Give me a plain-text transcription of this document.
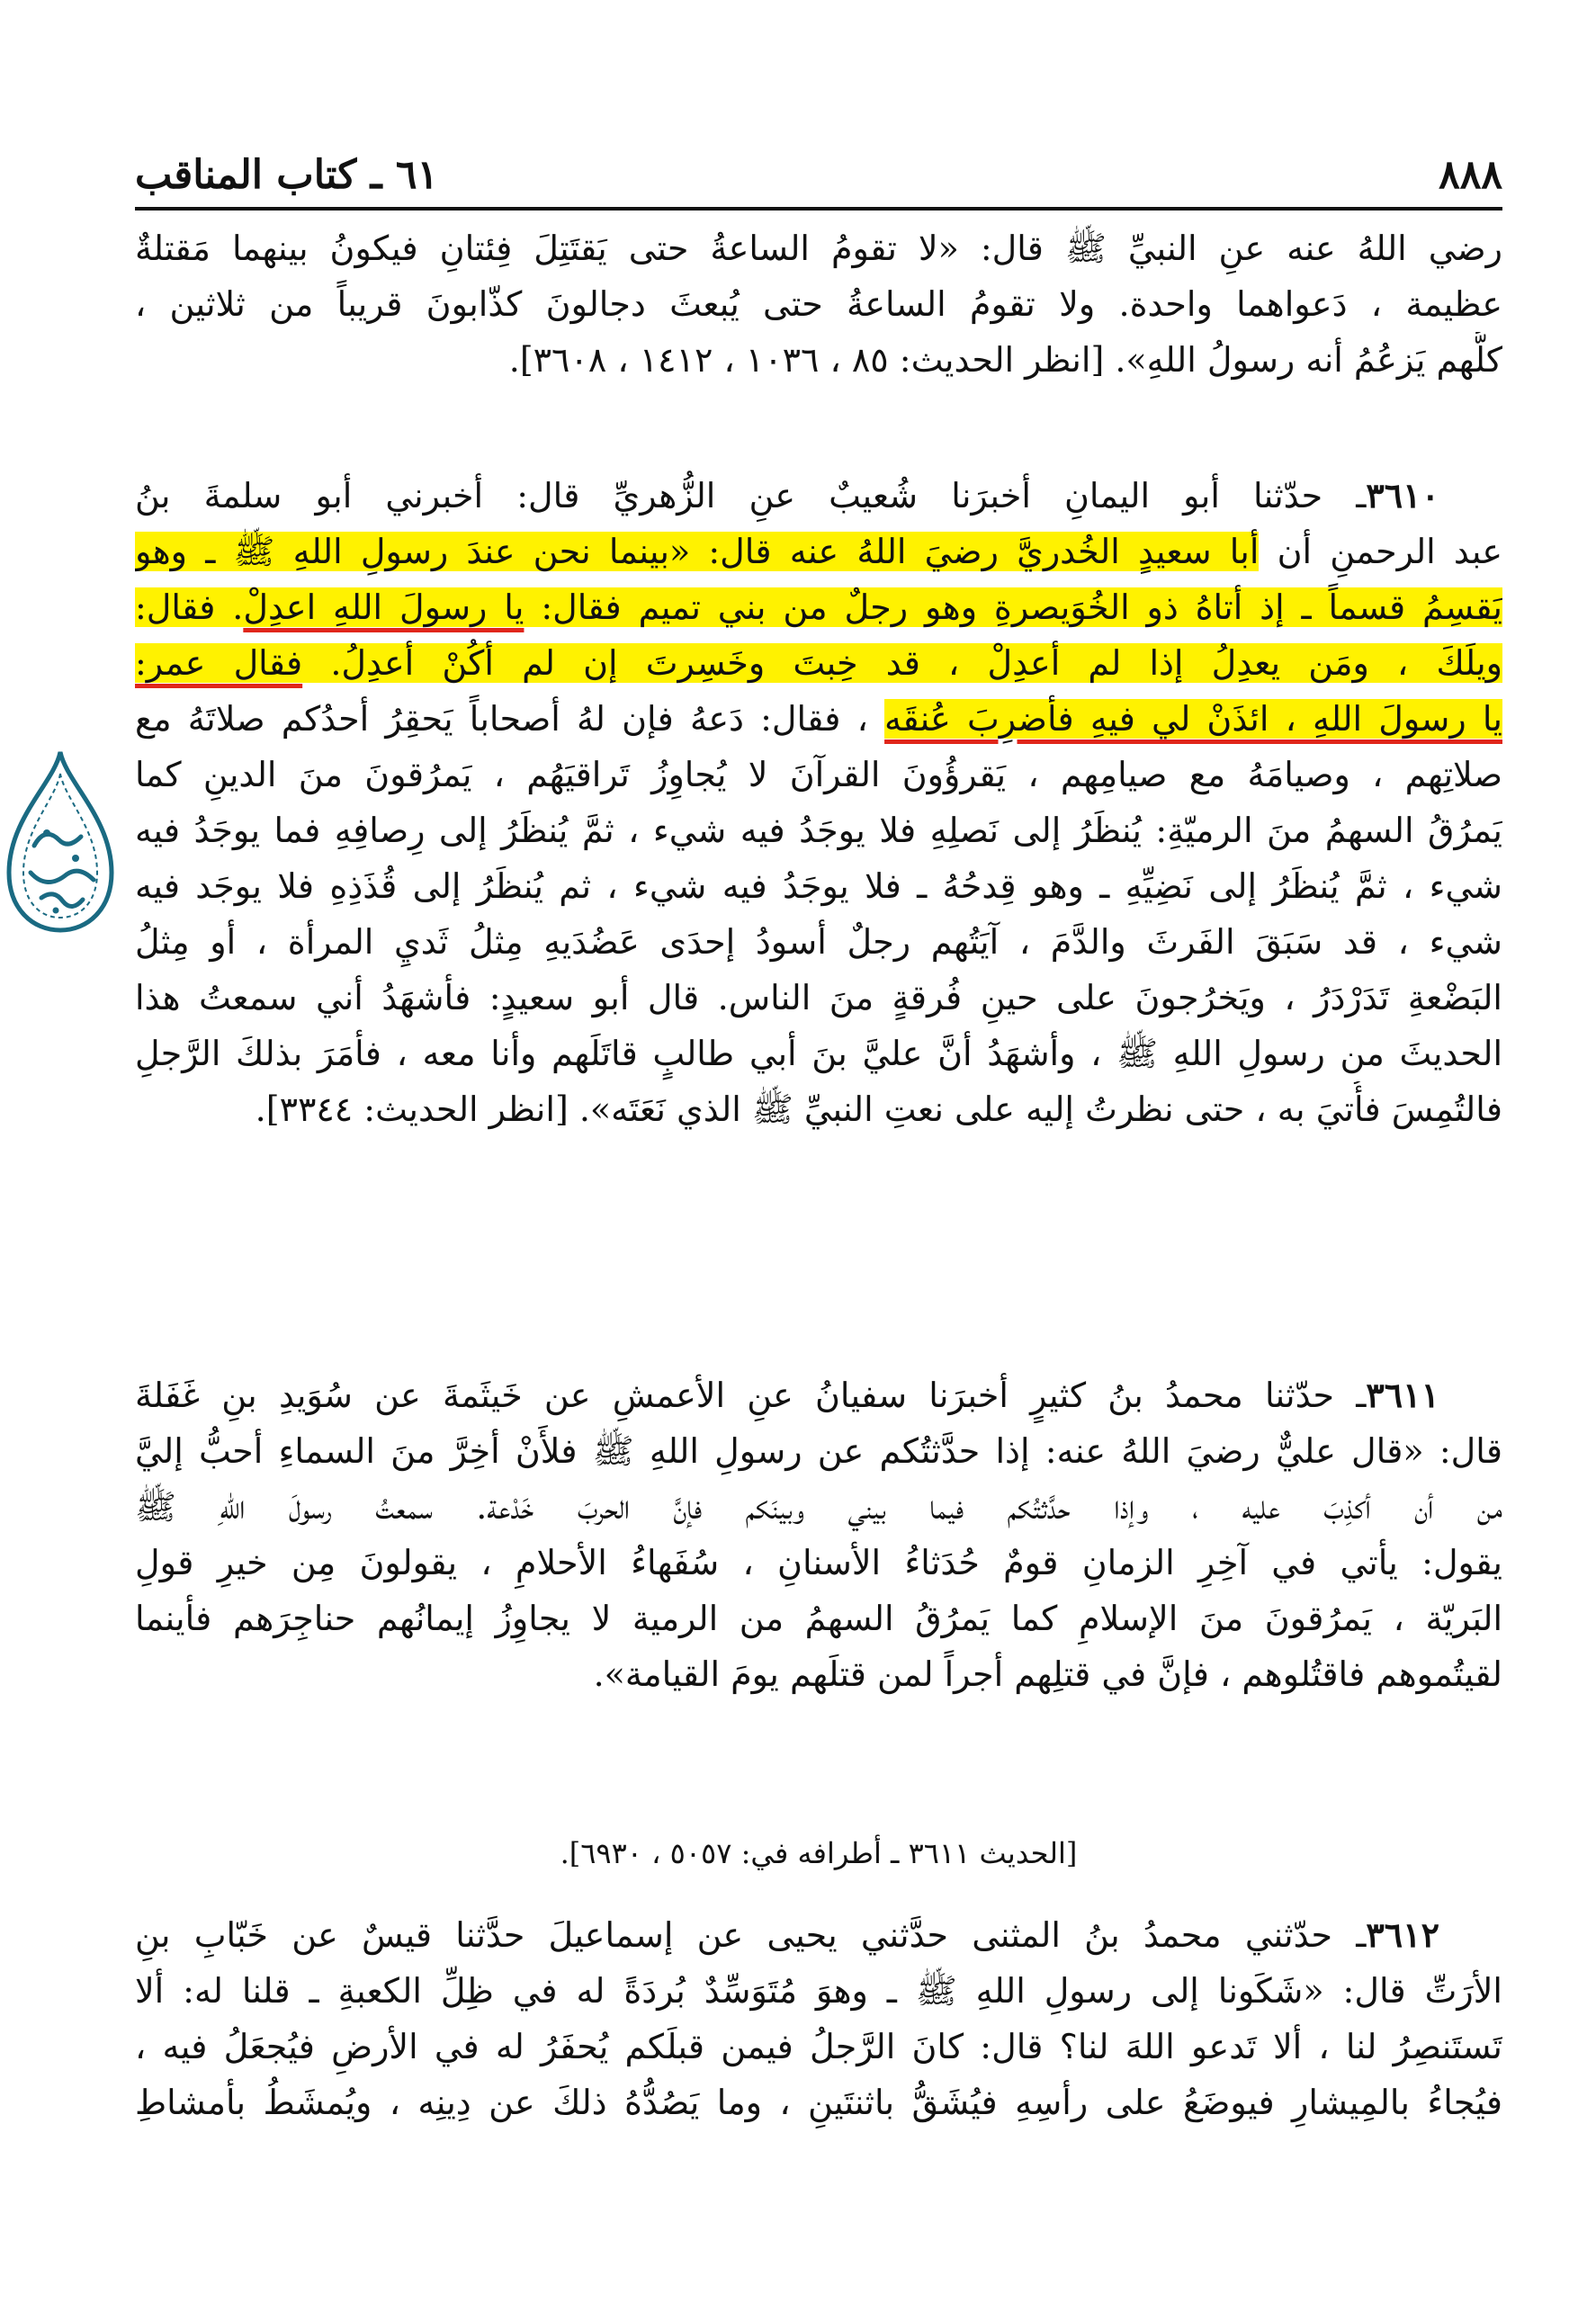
٨٨٨
٦١ ـ كتاب المناقب
رضي اللهُ عنه عنِ النبيِّ ﷺ قال: «لا تقومُ الساعةُ حتى يَقتَتِلَ فِئتانِ فيكونُ بينهما مَقتلةٌ
عظيمة ، دَعواهما واحدة. ولا تقومُ الساعةُ حتى يُبعثَ دجالونَ كذّابونَ قريباً من ثلاثين ،
كلُّهم يَزعُمُ أنه رسولُ اللهِ». [انظر الحديث: ٨٥ ، ١٠٣٦ ، ١٤١٢ ، ٣٦٠٨].
٣٦١٠ـ حدّثنا أبو اليمانِ أخبرَنا شُعيبٌ عنِ الزُّهريِّ قال: أخبرني أبو سلمةَ بنُ
عبد الرحمنِ أن أبا سعيدٍ الخُدريَّ رضيَ اللهُ عنه قال: «بينما نحن عندَ رسولِ اللهِ ﷺ ـ وهو
يَقسِمُ قسماً ـ إذ أتاهُ ذو الخُوَيصرةِ وهو رجلٌ من بني تميم فقال: يا رسولَ اللهِ اعدِلْ. فقال:
ويلَكَ ، ومَن يعدِلُ إذا لم أعدِلْ ، قد خِبتَ وخَسِرتَ إن لم أكُنْ أعدِلُ. فقال عمر:
يا رسولَ اللهِ ، ائذَنْ لي فيهِ فأضرِبَ عُنقَه ، فقال: دَعهُ فإن لهُ أصحاباً يَحقِرُ أحدُكم صلاتَهُ مع
صلاتِهم ، وصيامَهُ مع صيامِهم ، يَقرؤُونَ القرآنَ لا يُجاوِزُ تَراقيَهُم ، يَمرُقونَ منَ الدينِ كما
يَمرُقُ السهمُ منَ الرميّةِ: يُنظَرُ إلى نَصلِهِ فلا يوجَدُ فيه شيء ، ثمَّ يُنظَرُ إلى رِصافِهِ فما يوجَدُ فيه
شيء ، ثمَّ يُنظَرُ إلى نَضِيِّهِ ـ وهو قِدحُهُ ـ فلا يوجَدُ فيه شيء ، ثم يُنظَرُ إلى قُذَذِهِ فلا يوجَد فيه
شيء ، قد سَبَقَ الفَرثَ والدَّمَ ، آيَتُهم رجلٌ أسودُ إحدَى عَضُدَيهِ مِثلُ ثَديِ المرأة ، أو مِثلُ
البَضْعةِ تَدَرْدَرُ ، ويَخرُجونَ على حينِ فُرقةٍ منَ الناس. قال أبو سعيدٍ: فأشهَدُ أني سمعتُ هذا
الحديثَ من رسولِ اللهِ ﷺ ، وأشهَدُ أنَّ عليَّ بنَ أبي طالبٍ قاتَلَهم وأنا معه ، فأمَرَ بذلكَ الرَّجلِ
فالتُمِسَ فأُتيَ به ، حتى نظرتُ إليه على نعتِ النبيِّ ﷺ الذي نَعَتَه». [انظر الحديث: ٣٣٤٤].
٣٦١١ـ حدّثنا محمدُ بنُ كثيرٍ أخبرَنا سفيانُ عنِ الأعمشِ عن خَيثَمةَ عن سُوَيدِ بنِ غَفَلةَ
قال: «قال عليٌّ رضيَ اللهُ عنه: إذا حدَّثتُكم عن رسولِ اللهِ ﷺ فلأَنْ أخِرَّ منَ السماءِ أحبُّ إليَّ
من أن أكذِبَ عليه ، وإذا حدَّثتُكم فيما بيني وبينَكم فإنَّ الحربَ خَدْعة. سمعتُ رسولَ اللهِ ﷺ
يقول: يأتي في آخِرِ الزمانِ قومٌ حُدَثاءُ الأسنانِ ، سُفَهاءُ الأحلامِ ، يقولونَ مِن خيرِ قولِ
البَريّة ، يَمرُقونَ منَ الإسلامِ كما يَمرُقُ السهمُ من الرمية لا يجاوِزُ إيمانُهم حناجِرَهم فأينما
لقيتُموهم فاقتُلوهم ، فإنَّ في قتلِهم أجراً لمن قتلَهم يومَ القيامة».
[الحديث ٣٦١١ ـ أطرافه في: ٥٠٥٧ ، ٦٩٣٠].
٣٦١٢ـ حدّثني محمدُ بنُ المثنى حدَّثني يحيى عن إسماعيلَ حدَّثنا قيسٌ عن خَبّابِ بنِ
الأرَتِّ قال: «شَكَونا إلى رسولِ اللهِ ﷺ ـ وهوَ مُتَوَسِّدٌ بُردَةً له في ظِلِّ الكعبةِ ـ قلنا له: ألا
تَستَنصِرُ لنا ، ألا تَدعو اللهَ لنا؟ قال: كانَ الرَّجلُ فيمن قبلَكم يُحفَرُ له في الأرضِ فيُجعَلُ فيه ،
فيُجاءُ بالمِيشارِ فيوضَعُ على رأسِهِ فيُشَقُّ باثنتَينِ ، وما يَصُدُّهُ ذلكَ عن دِينِه ، ويُمشَطُ بأمشاطِ
